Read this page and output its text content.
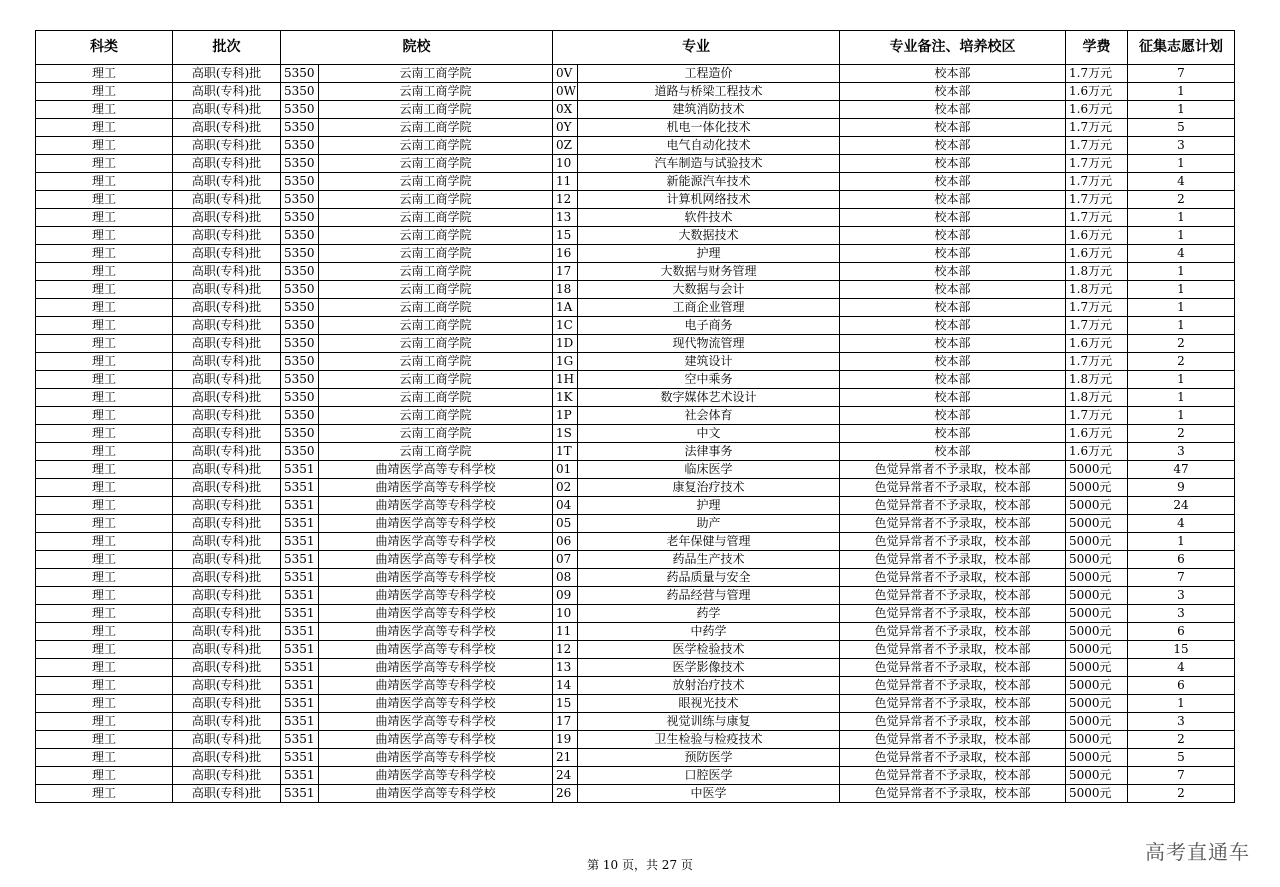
科类	批次	院校		专业		专业备注、培养校区	学费	征集志愿计划
理工	高职(专科)批	5350	云南工商学院	0V	工程造价	校本部	1.7万元	7
理工	高职(专科)批	5350	云南工商学院	0W	道路与桥梁工程技术	校本部	1.6万元	1
理工	高职(专科)批	5350	云南工商学院	0X	建筑消防技术	校本部	1.6万元	1
理工	高职(专科)批	5350	云南工商学院	0Y	机电一体化技术	校本部	1.7万元	5
理工	高职(专科)批	5350	云南工商学院	0Z	电气自动化技术	校本部	1.7万元	3
理工	高职(专科)批	5350	云南工商学院	10	汽车制造与试验技术	校本部	1.7万元	1
理工	高职(专科)批	5350	云南工商学院	11	新能源汽车技术	校本部	1.7万元	4
理工	高职(专科)批	5350	云南工商学院	12	计算机网络技术	校本部	1.7万元	2
理工	高职(专科)批	5350	云南工商学院	13	软件技术	校本部	1.7万元	1
理工	高职(专科)批	5350	云南工商学院	15	大数据技术	校本部	1.6万元	1
理工	高职(专科)批	5350	云南工商学院	16	护理	校本部	1.6万元	4
理工	高职(专科)批	5350	云南工商学院	17	大数据与财务管理	校本部	1.8万元	1
理工	高职(专科)批	5350	云南工商学院	18	大数据与会计	校本部	1.8万元	1
理工	高职(专科)批	5350	云南工商学院	1A	工商企业管理	校本部	1.7万元	1
理工	高职(专科)批	5350	云南工商学院	1C	电子商务	校本部	1.7万元	1
理工	高职(专科)批	5350	云南工商学院	1D	现代物流管理	校本部	1.6万元	2
理工	高职(专科)批	5350	云南工商学院	1G	建筑设计	校本部	1.7万元	2
理工	高职(专科)批	5350	云南工商学院	1H	空中乘务	校本部	1.8万元	1
理工	高职(专科)批	5350	云南工商学院	1K	数字媒体艺术设计	校本部	1.8万元	1
理工	高职(专科)批	5350	云南工商学院	1P	社会体育	校本部	1.7万元	1
理工	高职(专科)批	5350	云南工商学院	1S	中文	校本部	1.6万元	2
理工	高职(专科)批	5350	云南工商学院	1T	法律事务	校本部	1.6万元	3
理工	高职(专科)批	5351	曲靖医学高等专科学校	01	临床医学	色觉异常者不予录取，校本部	5000元	47
理工	高职(专科)批	5351	曲靖医学高等专科学校	02	康复治疗技术	色觉异常者不予录取，校本部	5000元	9
理工	高职(专科)批	5351	曲靖医学高等专科学校	04	护理	色觉异常者不予录取，校本部	5000元	24
理工	高职(专科)批	5351	曲靖医学高等专科学校	05	助产	色觉异常者不予录取，校本部	5000元	4
理工	高职(专科)批	5351	曲靖医学高等专科学校	06	老年保健与管理	色觉异常者不予录取，校本部	5000元	1
理工	高职(专科)批	5351	曲靖医学高等专科学校	07	药品生产技术	色觉异常者不予录取，校本部	5000元	6
理工	高职(专科)批	5351	曲靖医学高等专科学校	08	药品质量与安全	色觉异常者不予录取，校本部	5000元	7
理工	高职(专科)批	5351	曲靖医学高等专科学校	09	药品经营与管理	色觉异常者不予录取，校本部	5000元	3
理工	高职(专科)批	5351	曲靖医学高等专科学校	10	药学	色觉异常者不予录取，校本部	5000元	3
理工	高职(专科)批	5351	曲靖医学高等专科学校	11	中药学	色觉异常者不予录取，校本部	5000元	6
理工	高职(专科)批	5351	曲靖医学高等专科学校	12	医学检验技术	色觉异常者不予录取，校本部	5000元	15
理工	高职(专科)批	5351	曲靖医学高等专科学校	13	医学影像技术	色觉异常者不予录取，校本部	5000元	4
理工	高职(专科)批	5351	曲靖医学高等专科学校	14	放射治疗技术	色觉异常者不予录取，校本部	5000元	6
理工	高职(专科)批	5351	曲靖医学高等专科学校	15	眼视光技术	色觉异常者不予录取，校本部	5000元	1
理工	高职(专科)批	5351	曲靖医学高等专科学校	17	视觉训练与康复	色觉异常者不予录取，校本部	5000元	3
理工	高职(专科)批	5351	曲靖医学高等专科学校	19	卫生检验与检疫技术	色觉异常者不予录取，校本部	5000元	2
理工	高职(专科)批	5351	曲靖医学高等专科学校	21	预防医学	色觉异常者不予录取，校本部	5000元	5
理工	高职(专科)批	5351	曲靖医学高等专科学校	24	口腔医学	色觉异常者不予录取，校本部	5000元	7
理工	高职(专科)批	5351	曲靖医学高等专科学校	26	中医学	色觉异常者不予录取，校本部	5000元	2
第 10 页，共 27 页
高考直通车
